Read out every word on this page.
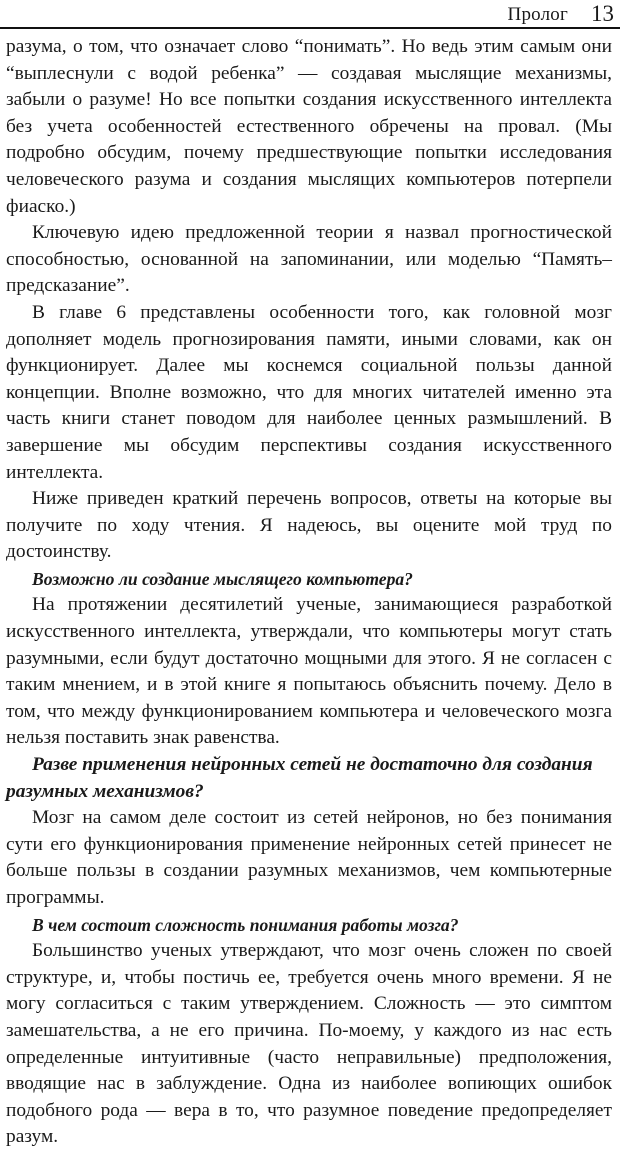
Пролог 13

разума, о том, что означает слово “понимать”. Но ведь этим самым они “выплеснули с водой ребенка” — создавая мыслящие механизмы, забыли о разуме! Но все попытки создания искусственного интеллекта без учета особенностей естественного обречены на провал. (Мы подробно обсудим, почему предшествующие попытки исследования человеческого разума и создания мыслящих компьютеров потерпели фиаско.)

Ключевую идею предложенной теории я назвал прогностической способностью, основанной на запоминании, или моделью “Память–предсказание”.

В главе 6 представлены особенности того, как головной мозг дополняет модель прогнозирования памяти, иными словами, как он функционирует. Далее мы коснемся социальной пользы данной концепции. Вполне возможно, что для многих читателей именно эта часть книги станет поводом для наиболее ценных размышлений. В завершение мы обсудим перспективы создания искусственного интеллекта.

Ниже приведен краткий перечень вопросов, ответы на которые вы получите по ходу чтения. Я надеюсь, вы оцените мой труд по достоинству.

Возможно ли создание мыслящего компьютера?

На протяжении десятилетий ученые, занимающиеся разработкой искусственного интеллекта, утверждали, что компьютеры могут стать разумными, если будут достаточно мощными для этого. Я не согласен с таким мнением, и в этой книге я попытаюсь объяснить почему. Дело в том, что между функционированием компьютера и человеческого мозга нельзя поставить знак равенства.

Разве применения нейронных сетей не достаточно для создания разумных механизмов?

Мозг на самом деле состоит из сетей нейронов, но без понимания сути его функционирования применение нейронных сетей принесет не больше пользы в создании разумных механизмов, чем компьютерные программы.

В чем состоит сложность понимания работы мозга?

Большинство ученых утверждают, что мозг очень сложен по своей структуре, и, чтобы постичь ее, требуется очень много времени. Я не могу согласиться с таким утверждением. Сложность — это симптом замешательства, а не его причина. По-моему, у каждого из нас есть определенные интуитивные (часто неправильные) предположения, вводящие нас в заблуждение. Одна из наиболее вопиющих ошибок подобного рода — вера в то, что разумное поведение предопределяет разум.
